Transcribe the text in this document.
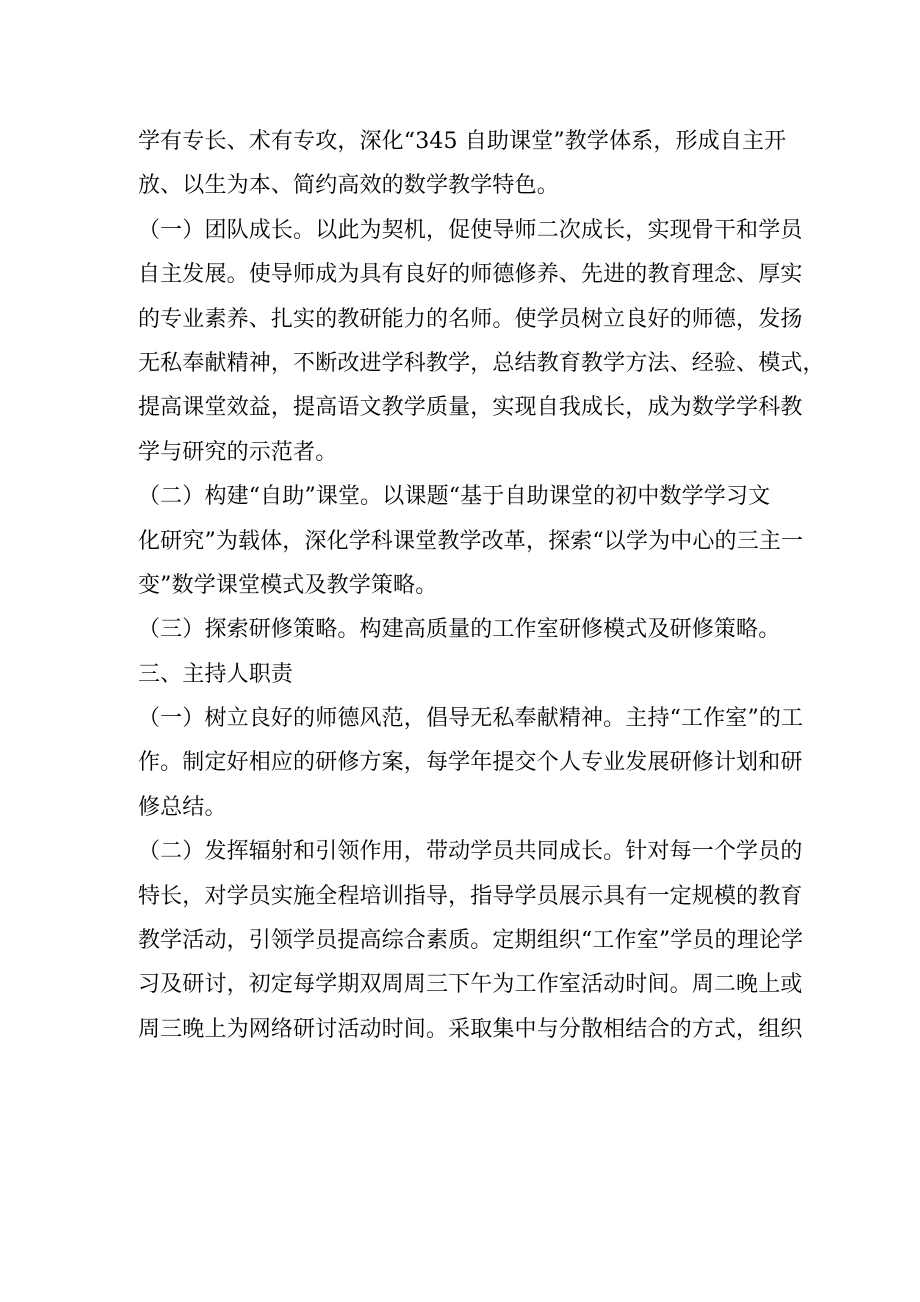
学有专长、术有专攻，深化“345 自助课堂”教学体系，形成自主开
放、以生为本、简约高效的数学教学特色。
（一）团队成长。以此为契机，促使导师二次成长，实现骨干和学员
自主发展。使导师成为具有良好的师德修养、先进的教育理念、厚实
的专业素养、扎实的教研能力的名师。使学员树立良好的师德，发扬
无私奉献精神，不断改进学科教学，总结教育教学方法、经验、模式，
提高课堂效益，提高语文教学质量，实现自我成长，成为数学学科教
学与研究的示范者。
（二）构建“自助”课堂。以课题“基于自助课堂的初中数学学习文
化研究”为载体，深化学科课堂教学改革，探索“以学为中心的三主一
变”数学课堂模式及教学策略。
（三）探索研修策略。构建高质量的工作室研修模式及研修策略。
三、主持人职责
（一）树立良好的师德风范，倡导无私奉献精神。主持“工作室”的工
作。制定好相应的研修方案，每学年提交个人专业发展研修计划和研
修总结。
（二）发挥辐射和引领作用，带动学员共同成长。针对每一个学员的
特长，对学员实施全程培训指导，指导学员展示具有一定规模的教育
教学活动，引领学员提高综合素质。定期组织“工作室”学员的理论学
习及研讨，初定每学期双周周三下午为工作室活动时间。周二晚上或
周三晚上为网络研讨活动时间。采取集中与分散相结合的方式，组织
